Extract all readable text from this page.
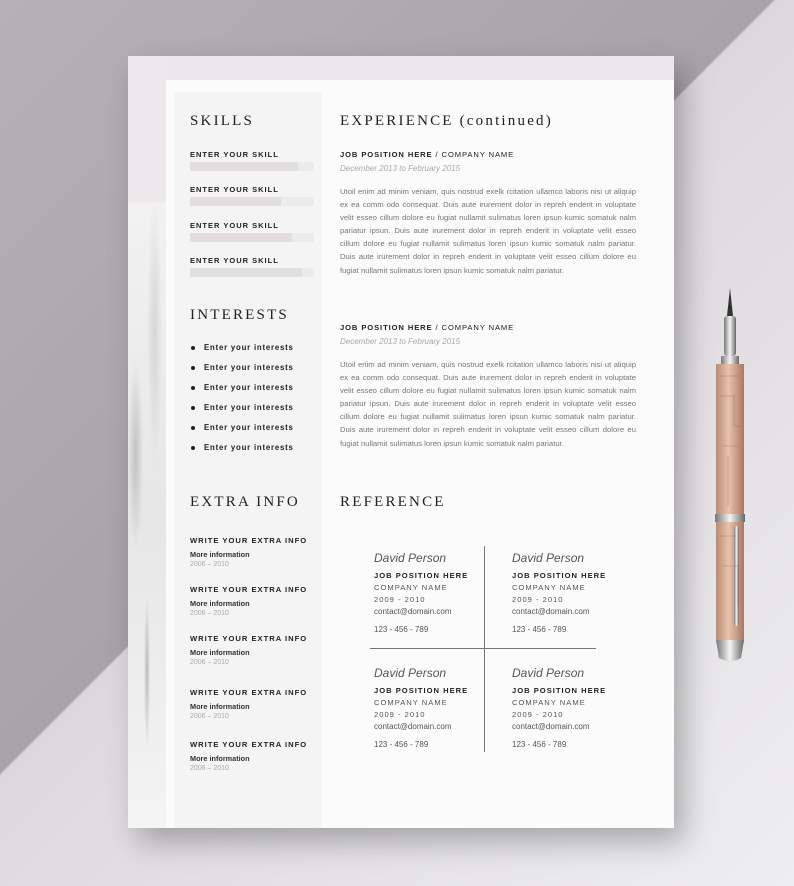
SKILLS
ENTER YOUR SKILL
ENTER YOUR SKILL
ENTER YOUR SKILL
ENTER YOUR SKILL
INTERESTS
Enter your interests
Enter your interests
Enter your interests
Enter your interests
Enter your interests
Enter your interests
EXTRA INFO
WRITE YOUR EXTRA INFO
More information
2006 – 2010
WRITE YOUR EXTRA INFO
More information
2006 – 2010
WRITE YOUR EXTRA INFO
More information
2006 – 2010
WRITE YOUR EXTRA INFO
More information
2006 – 2010
WRITE YOUR EXTRA INFO
More information
2006 – 2010
EXPERIENCE (continued)
JOB POSITION HERE / COMPANY NAME
December 2013 to February 2015
Utoil enim ad minim veniam, quis nostrud exelk rcitation ullamco laboris nisi ut aliquip ex ea comm odo consequat. Duis aute irurement dolor in repreh enderit in voluptate velit esseo cillum dolore eu fugiat nullamit sulimatus loren ipsun kumic somatuk nalm pariatur ipsun. Duis aute irurement dolor in repreh enderit in voluptate velit esseo cillum dolore eu fugiat nullamit sulimatus loren ipsun kumic somatuk nalm pariatur. Duis aute irurement dolor in repreh enderit in voluptate velit esseo cillum dolore eu fugiat nullamit sulimatus loren ipsun kumic somatuk nalm pariatur.
JOB POSITION HERE / COMPANY NAME
December 2013 to February 2015
Utoil enim ad minim veniam, quis nostrud exelk rcitation ullamco laboris nisi ut aliquip ex ea comm odo consequat. Duis aute irurement dolor in repreh enderit in voluptate velit esseo cillum dolore eu fugiat nullamit sulimatus loren ipsun kumic somatuk nalm pariatur ipsun. Duis aute irurement dolor in repreh enderit in voluptate velit esseo cillum dolore eu fugiat nullamit sulimatus loren ipsun kumic somatuk nalm pariatur. Duis aute irurement dolor in repreh enderit in voluptate velit esseo cillum dolore eu fugiat nullamit sulimatus loren ipsun kumic somatuk nalm pariatur.
REFERENCE
David Person
JOB POSITION HERE
COMPANY NAME
2009 - 2010
contact@domain.com
123 - 456 - 789
David Person
JOB POSITION HERE
COMPANY NAME
2009 - 2010
contact@domain.com
123 - 456 - 789
David Person
JOB POSITION HERE
COMPANY NAME
2009 - 2010
contact@domain.com
123 - 456 - 789
David Person
JOB POSITION HERE
COMPANY NAME
2009 - 2010
contact@domain.com
123 - 456 - 789
